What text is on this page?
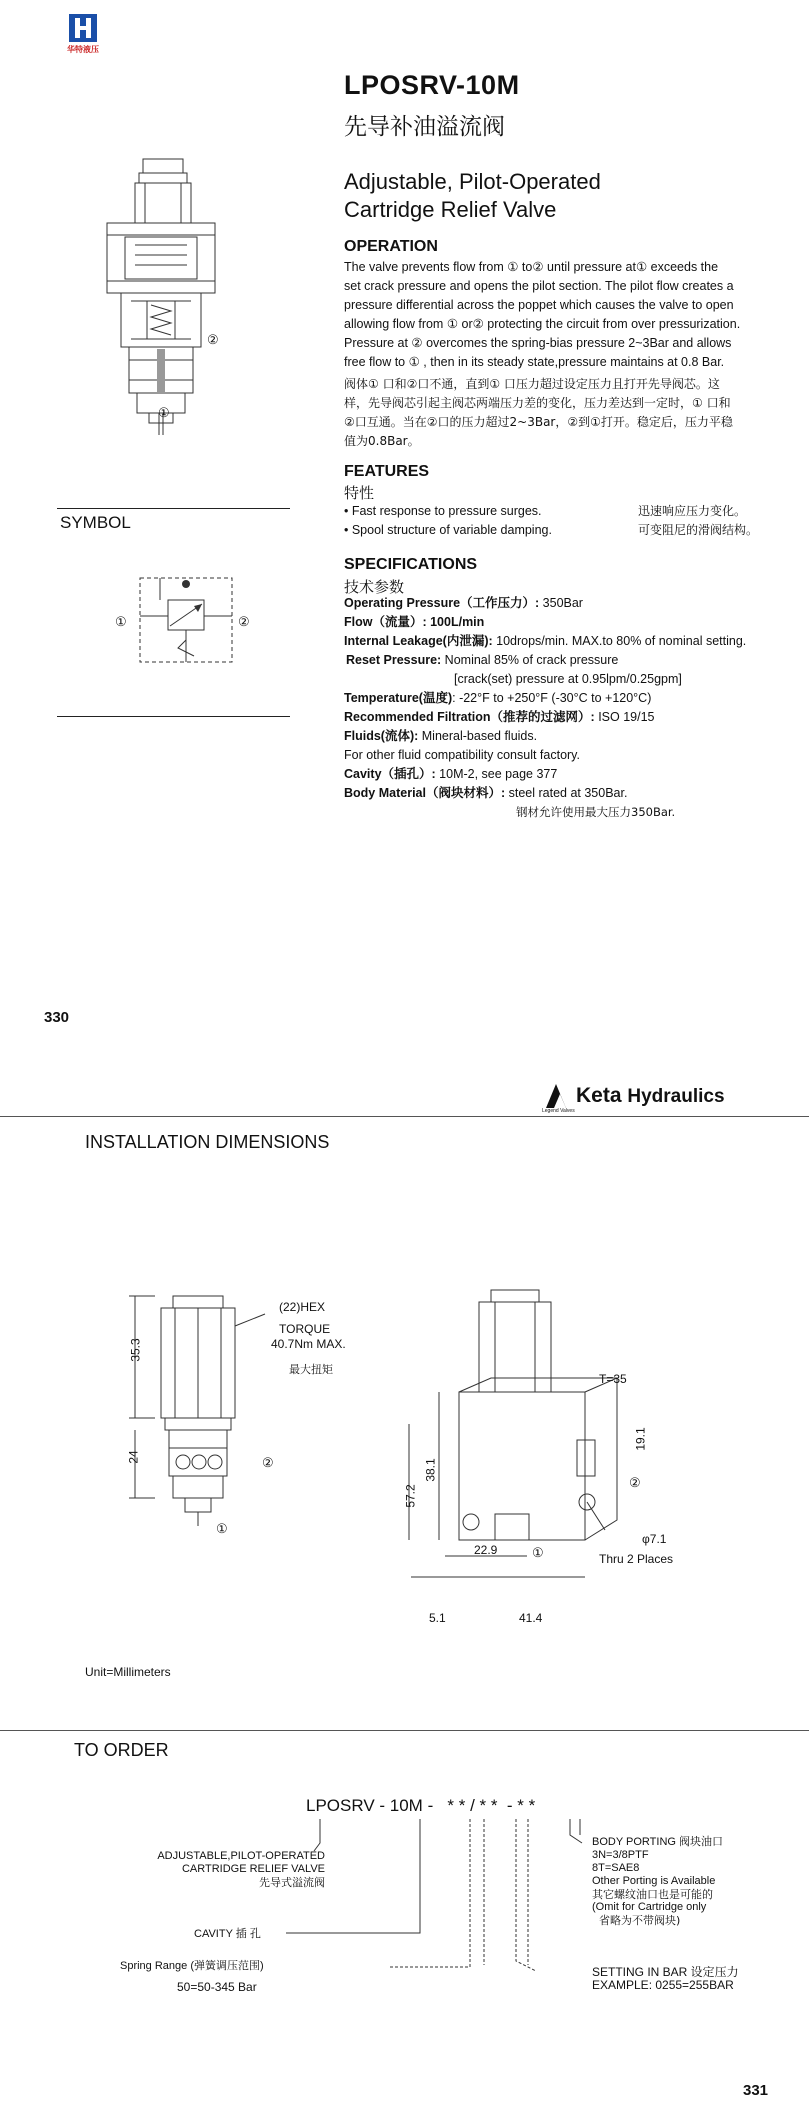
华特液压
LPOSRV-10M
先导补油溢流阀
Adjustable, Pilot-Operated
Cartridge Relief Valve
②
①
OPERATION
The valve prevents flow from ① to② until pressure at① exceeds the
set crack pressure and opens the pilot section. The pilot flow creates a
pressure differential across the poppet which causes the valve to open
allowing flow from ① or② protecting the circuit from over pressurization.
Pressure at ② overcomes the spring-bias pressure 2~3Bar and allows
free flow to ① , then in its steady state,pressure maintains at 0.8 Bar.
阀体① 口和②口不通，直到① 口压力超过设定压力且打开先导阀芯。这
样，先导阀芯引起主阀芯两端压力差的变化，压力差达到一定时，① 口和
②口互通。当在②口的压力超过2~3Bar，②到①打开。稳定后，压力平稳
值为0.8Bar。
FEATURES
特性
• Fast response to pressure surges.	迅速响应压力变化。
• Spool structure of variable damping.	可变阻尼的滑阀结构。
SYMBOL
①	②
SPECIFICATIONS
技术参数
Operating Pressure（工作压力）: 350Bar
Flow（流量）: 100L/min
Internal Leakage(内泄漏): 10drops/min. MAX.to 80% of nominal setting.
Reset Pressure: Nominal 85% of crack pressure
[crack(set) pressure at 0.95lpm/0.25gpm]
Temperature(温度): -22°F to +250°F (-30°C to +120°C)
Recommended Filtration（推荐的过滤网）: ISO 19/15
Fluids(流体): Mineral-based fluids.
For other fluid compatibility consult factory.
Cavity（插孔）: 10M-2, see page 377
Body Material（阀块材料）: steel rated at 350Bar.
钢材允许使用最大压力350Bar.
330
Legend Valves
Keta Hydraulics
INSTALLATION DIMENSIONS
35.3
24
(22)HEX
TORQUE
40.7Nm MAX.
最大扭矩
②
①
T=35
19.1
38.1
57.2
②
①
22.9
5.1	41.4
φ7.1
Thru 2 Places
Unit=Millimeters
TO ORDER
LPOSRV - 10M -   * * / * *  - * *
ADJUSTABLE,PILOT-OPERATED
CARTRIDGE RELIEF VALVE
先导式溢流阀
CAVITY 插 孔
Spring Range (弹簧调压范围)
50=50-345 Bar
BODY PORTING 阀块油口
3N=3/8PTF
8T=SAE8
Other Porting is Available
其它螺纹油口也是可能的
(Omit for Cartridge only
省略为不带阀块)
SETTING IN BAR 设定压力
EXAMPLE: 0255=255BAR
331
